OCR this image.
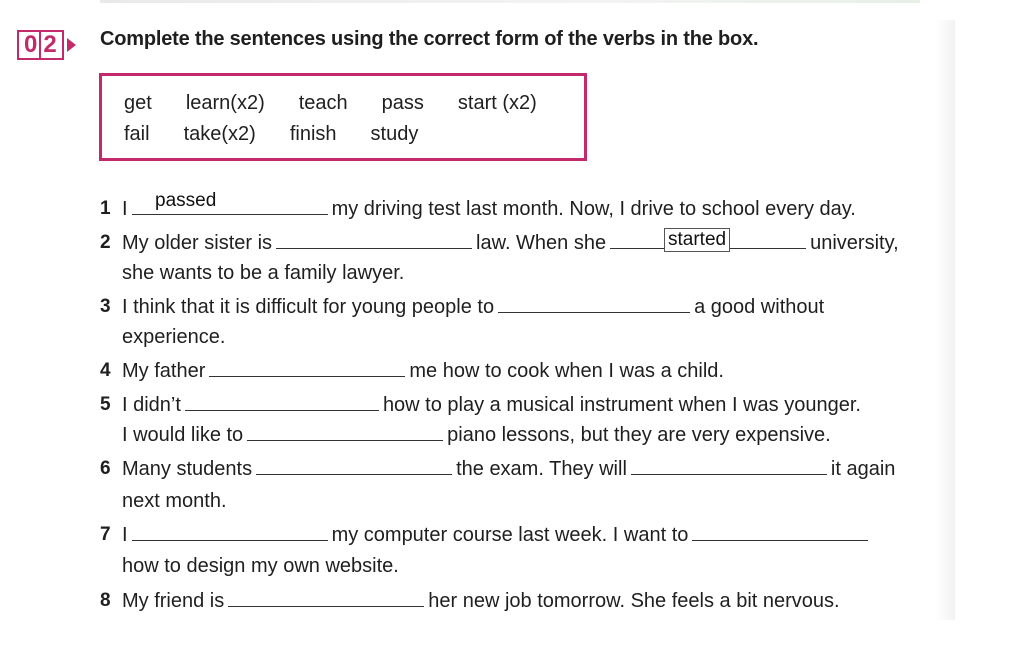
0 2 Complete the sentences using the correct form of the verbs in the box.
get learn(x2) teach pass start (x2)
fail take(x2) finish study
1 I	my driving test last month. Now, I drive to school every day.
passed
2 My older sister is	law. When she	university,
started
she wants to be a family lawyer.
3 I think that it is difficult for young people to	a good without
experience.
4 My father	me how to cook when I was a child.
5 I didn’t	how to play a musical instrument when I was younger.
I would like to	piano lessons, but they are very expensive.
6 Many students	the exam. They will	it again
next month.
7 I	my computer course last week. I want to
how to design my own website.
8 My friend is	her new job tomorrow. She feels a bit nervous.
